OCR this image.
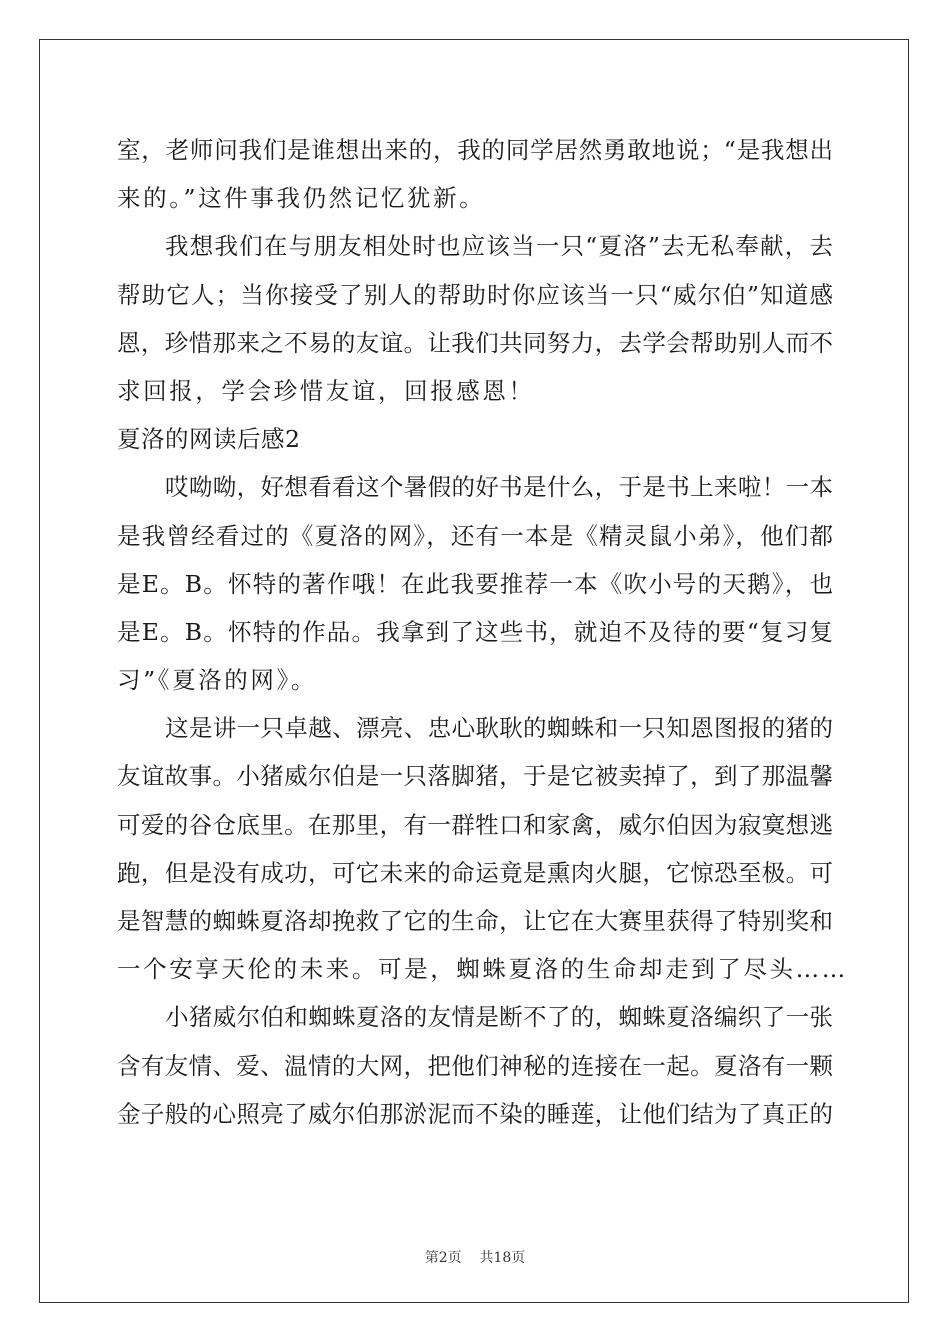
室，老师问我们是谁想出来的，我的同学居然勇敢地说；“是我想出
来的。”这件事我仍然记忆犹新。
我想我们在与朋友相处时也应该当一只“夏洛”去无私奉献，去
帮助它人；当你接受了别人的帮助时你应该当一只“威尔伯”知道感
恩，珍惜那来之不易的友谊。让我们共同努力，去学会帮助别人而不
求回报，学会珍惜友谊，回报感恩！
夏洛的网读后感2
哎呦呦，好想看看这个暑假的好书是什么，于是书上来啦！一本
是我曾经看过的《夏洛的网》，还有一本是《精灵鼠小弟》，他们都
是E。B。怀特的著作哦！在此我要推荐一本《吹小号的天鹅》，也
是E。B。怀特的作品。我拿到了这些书，就迫不及待的要“复习复
习”《夏洛的网》。
这是讲一只卓越、漂亮、忠心耿耿的蜘蛛和一只知恩图报的猪的
友谊故事。小猪威尔伯是一只落脚猪，于是它被卖掉了，到了那温馨
可爱的谷仓底里。在那里，有一群牲口和家禽，威尔伯因为寂寞想逃
跑，但是没有成功，可它未来的命运竟是熏肉火腿，它惊恐至极。可
是智慧的蜘蛛夏洛却挽救了它的生命，让它在大赛里获得了特别奖和
一个安享天伦的未来。可是，蜘蛛夏洛的生命却走到了尽头……
小猪威尔伯和蜘蛛夏洛的友情是断不了的，蜘蛛夏洛编织了一张
含有友情、爱、温情的大网，把他们神秘的连接在一起。夏洛有一颗
金子般的心照亮了威尔伯那淤泥而不染的睡莲，让他们结为了真正的
第2页    共18页
